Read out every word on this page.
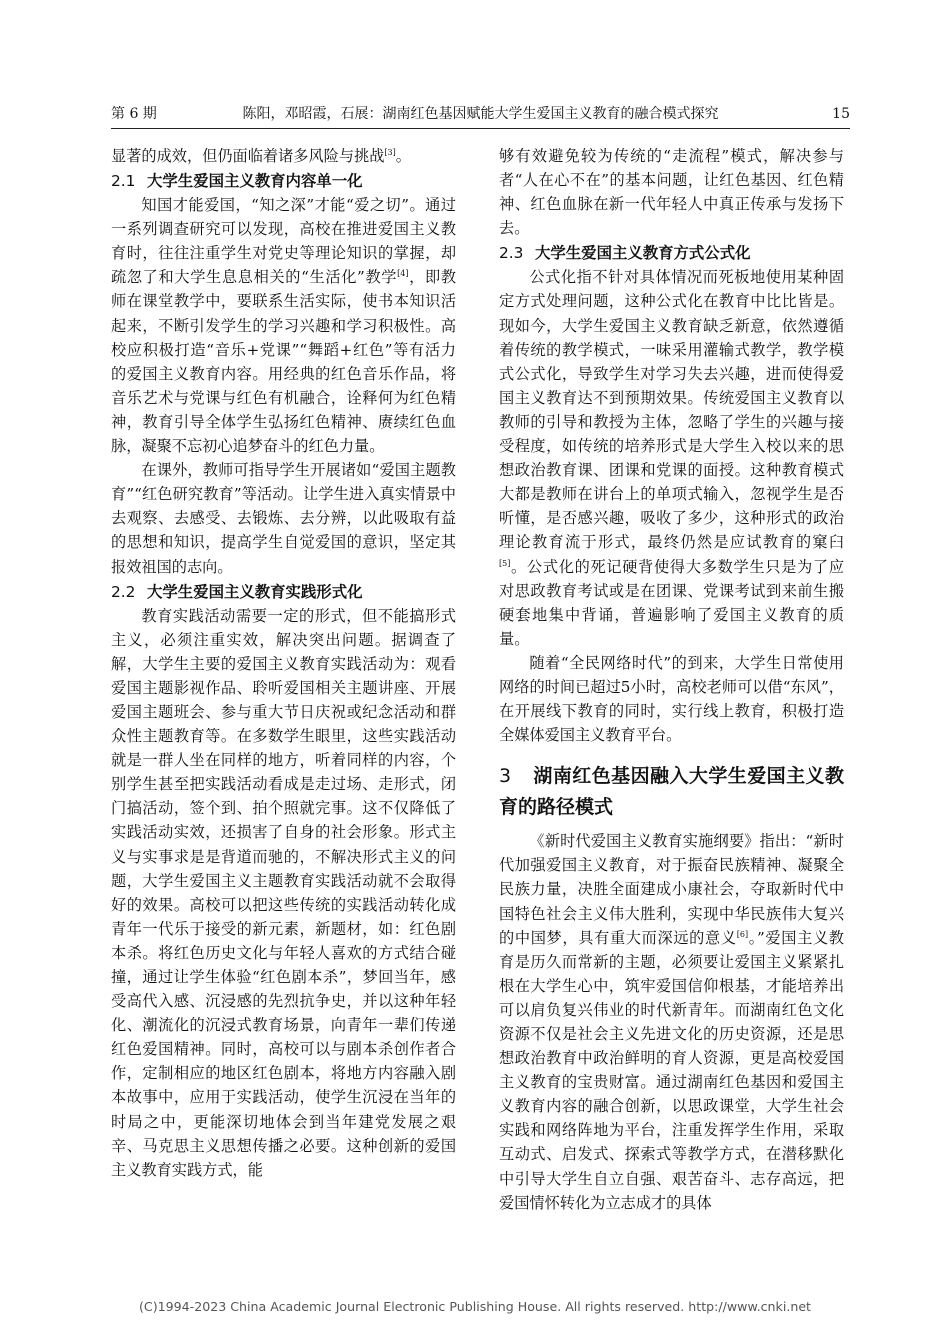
第 6 期	陈阳，邓昭霞，石展：湖南红色基因赋能大学生爱国主义教育的融合模式探究	15

显著的成效，但仍面临着诸多风险与挑战[3]。

2.1 大学生爱国主义教育内容单一化

知国才能爱国，“知之深”才能“爱之切”。通过一系列调查研究可以发现，高校在推进爱国主义教育时，往往注重学生对党史等理论知识的掌握，却疏忽了和大学生息息相关的“生活化”教学[4]，即教师在课堂教学中，要联系生活实际，使书本知识活起来，不断引发学生的学习兴趣和学习积极性。高校应积极打造“音乐+党课”“舞蹈+红色”等有活力的爱国主义教育内容。用经典的红色音乐作品，将音乐艺术与党课与红色有机融合，诠释何为红色精神，教育引导全体学生弘扬红色精神、赓续红色血脉，凝聚不忘初心追梦奋斗的红色力量。

在课外，教师可指导学生开展诸如“爱国主题教育”“红色研究教育”等活动。让学生进入真实情景中去观察、去感受、去锻炼、去分辨，以此吸取有益的思想和知识，提高学生自觉爱国的意识，坚定其报效祖国的志向。

2.2 大学生爱国主义教育实践形式化

教育实践活动需要一定的形式，但不能搞形式主义，必须注重实效，解决突出问题。据调查了解，大学生主要的爱国主义教育实践活动为：观看爱国主题影视作品、聆听爱国相关主题讲座、开展爱国主题班会、参与重大节日庆祝或纪念活动和群众性主题教育等。在多数学生眼里，这些实践活动就是一群人坐在同样的地方，听着同样的内容，个别学生甚至把实践活动看成是走过场、走形式，闭门搞活动，签个到、拍个照就完事。这不仅降低了实践活动实效，还损害了自身的社会形象。形式主义与实事求是是背道而驰的，不解决形式主义的问题，大学生爱国主义主题教育实践活动就不会取得好的效果。高校可以把这些传统的实践活动转化成青年一代乐于接受的新元素，新题材，如：红色剧本杀。将红色历史文化与年轻人喜欢的方式结合碰撞，通过让学生体验“红色剧本杀”，梦回当年，感受高代入感、沉浸感的先烈抗争史，并以这种年轻化、潮流化的沉浸式教育场景，向青年一辈们传递红色爱国精神。同时，高校可以与剧本杀创作者合作，定制相应的地区红色剧本，将地方内容融入剧本故事中，应用于实践活动，使学生沉浸在当年的时局之中，更能深切地体会到当年建党发展之艰辛、马克思主义思想传播之必要。这种创新的爱国主义教育实践方式，能

够有效避免较为传统的“走流程”模式，解决参与者“人在心不在”的基本问题，让红色基因、红色精神、红色血脉在新一代年轻人中真正传承与发扬下去。

2.3 大学生爱国主义教育方式公式化

公式化指不针对具体情况而死板地使用某种固定方式处理问题，这种公式化在教育中比比皆是。现如今，大学生爱国主义教育缺乏新意，依然遵循着传统的教学模式，一味采用灌输式教学，教学模式公式化，导致学生对学习失去兴趣，进而使得爱国主义教育达不到预期效果。传统爱国主义教育以教师的引导和教授为主体，忽略了学生的兴趣与接受程度，如传统的培养形式是大学生入校以来的思想政治教育课、团课和党课的面授。这种教育模式大都是教师在讲台上的单项式输入，忽视学生是否听懂，是否感兴趣，吸收了多少，这种形式的政治理论教育流于形式，最终仍然是应试教育的窠臼[5]。公式化的死记硬背使得大多数学生只是为了应对思政教育考试或是在团课、党课考试到来前生搬硬套地集中背诵，普遍影响了爱国主义教育的质量。

随着“全民网络时代”的到来，大学生日常使用网络的时间已超过5小时，高校老师可以借“东风”，在开展线下教育的同时，实行线上教育，积极打造全媒体爱国主义教育平台。

3 湖南红色基因融入大学生爱国主义教育的路径模式

《新时代爱国主义教育实施纲要》指出：“新时代加强爱国主义教育，对于振奋民族精神、凝聚全民族力量，决胜全面建成小康社会，夺取新时代中国特色社会主义伟大胜利，实现中华民族伟大复兴的中国梦，具有重大而深远的意义[6]。”爱国主义教育是历久而常新的主题，必须要让爱国主义紧紧扎根在大学生心中，筑牢爱国信仰根基，才能培养出可以肩负复兴伟业的时代新青年。而湖南红色文化资源不仅是社会主义先进文化的历史资源，还是思想政治教育中政治鲜明的育人资源，更是高校爱国主义教育的宝贵财富。通过湖南红色基因和爱国主义教育内容的融合创新，以思政课堂，大学生社会实践和网络阵地为平台，注重发挥学生作用，采取互动式、启发式、探索式等教学方式，在潜移默化中引导大学生自立自强、艰苦奋斗、志存高远，把爱国情怀转化为立志成才的具体

(C)1994-2023 China Academic Journal Electronic Publishing House. All rights reserved. http://www.cnki.net
